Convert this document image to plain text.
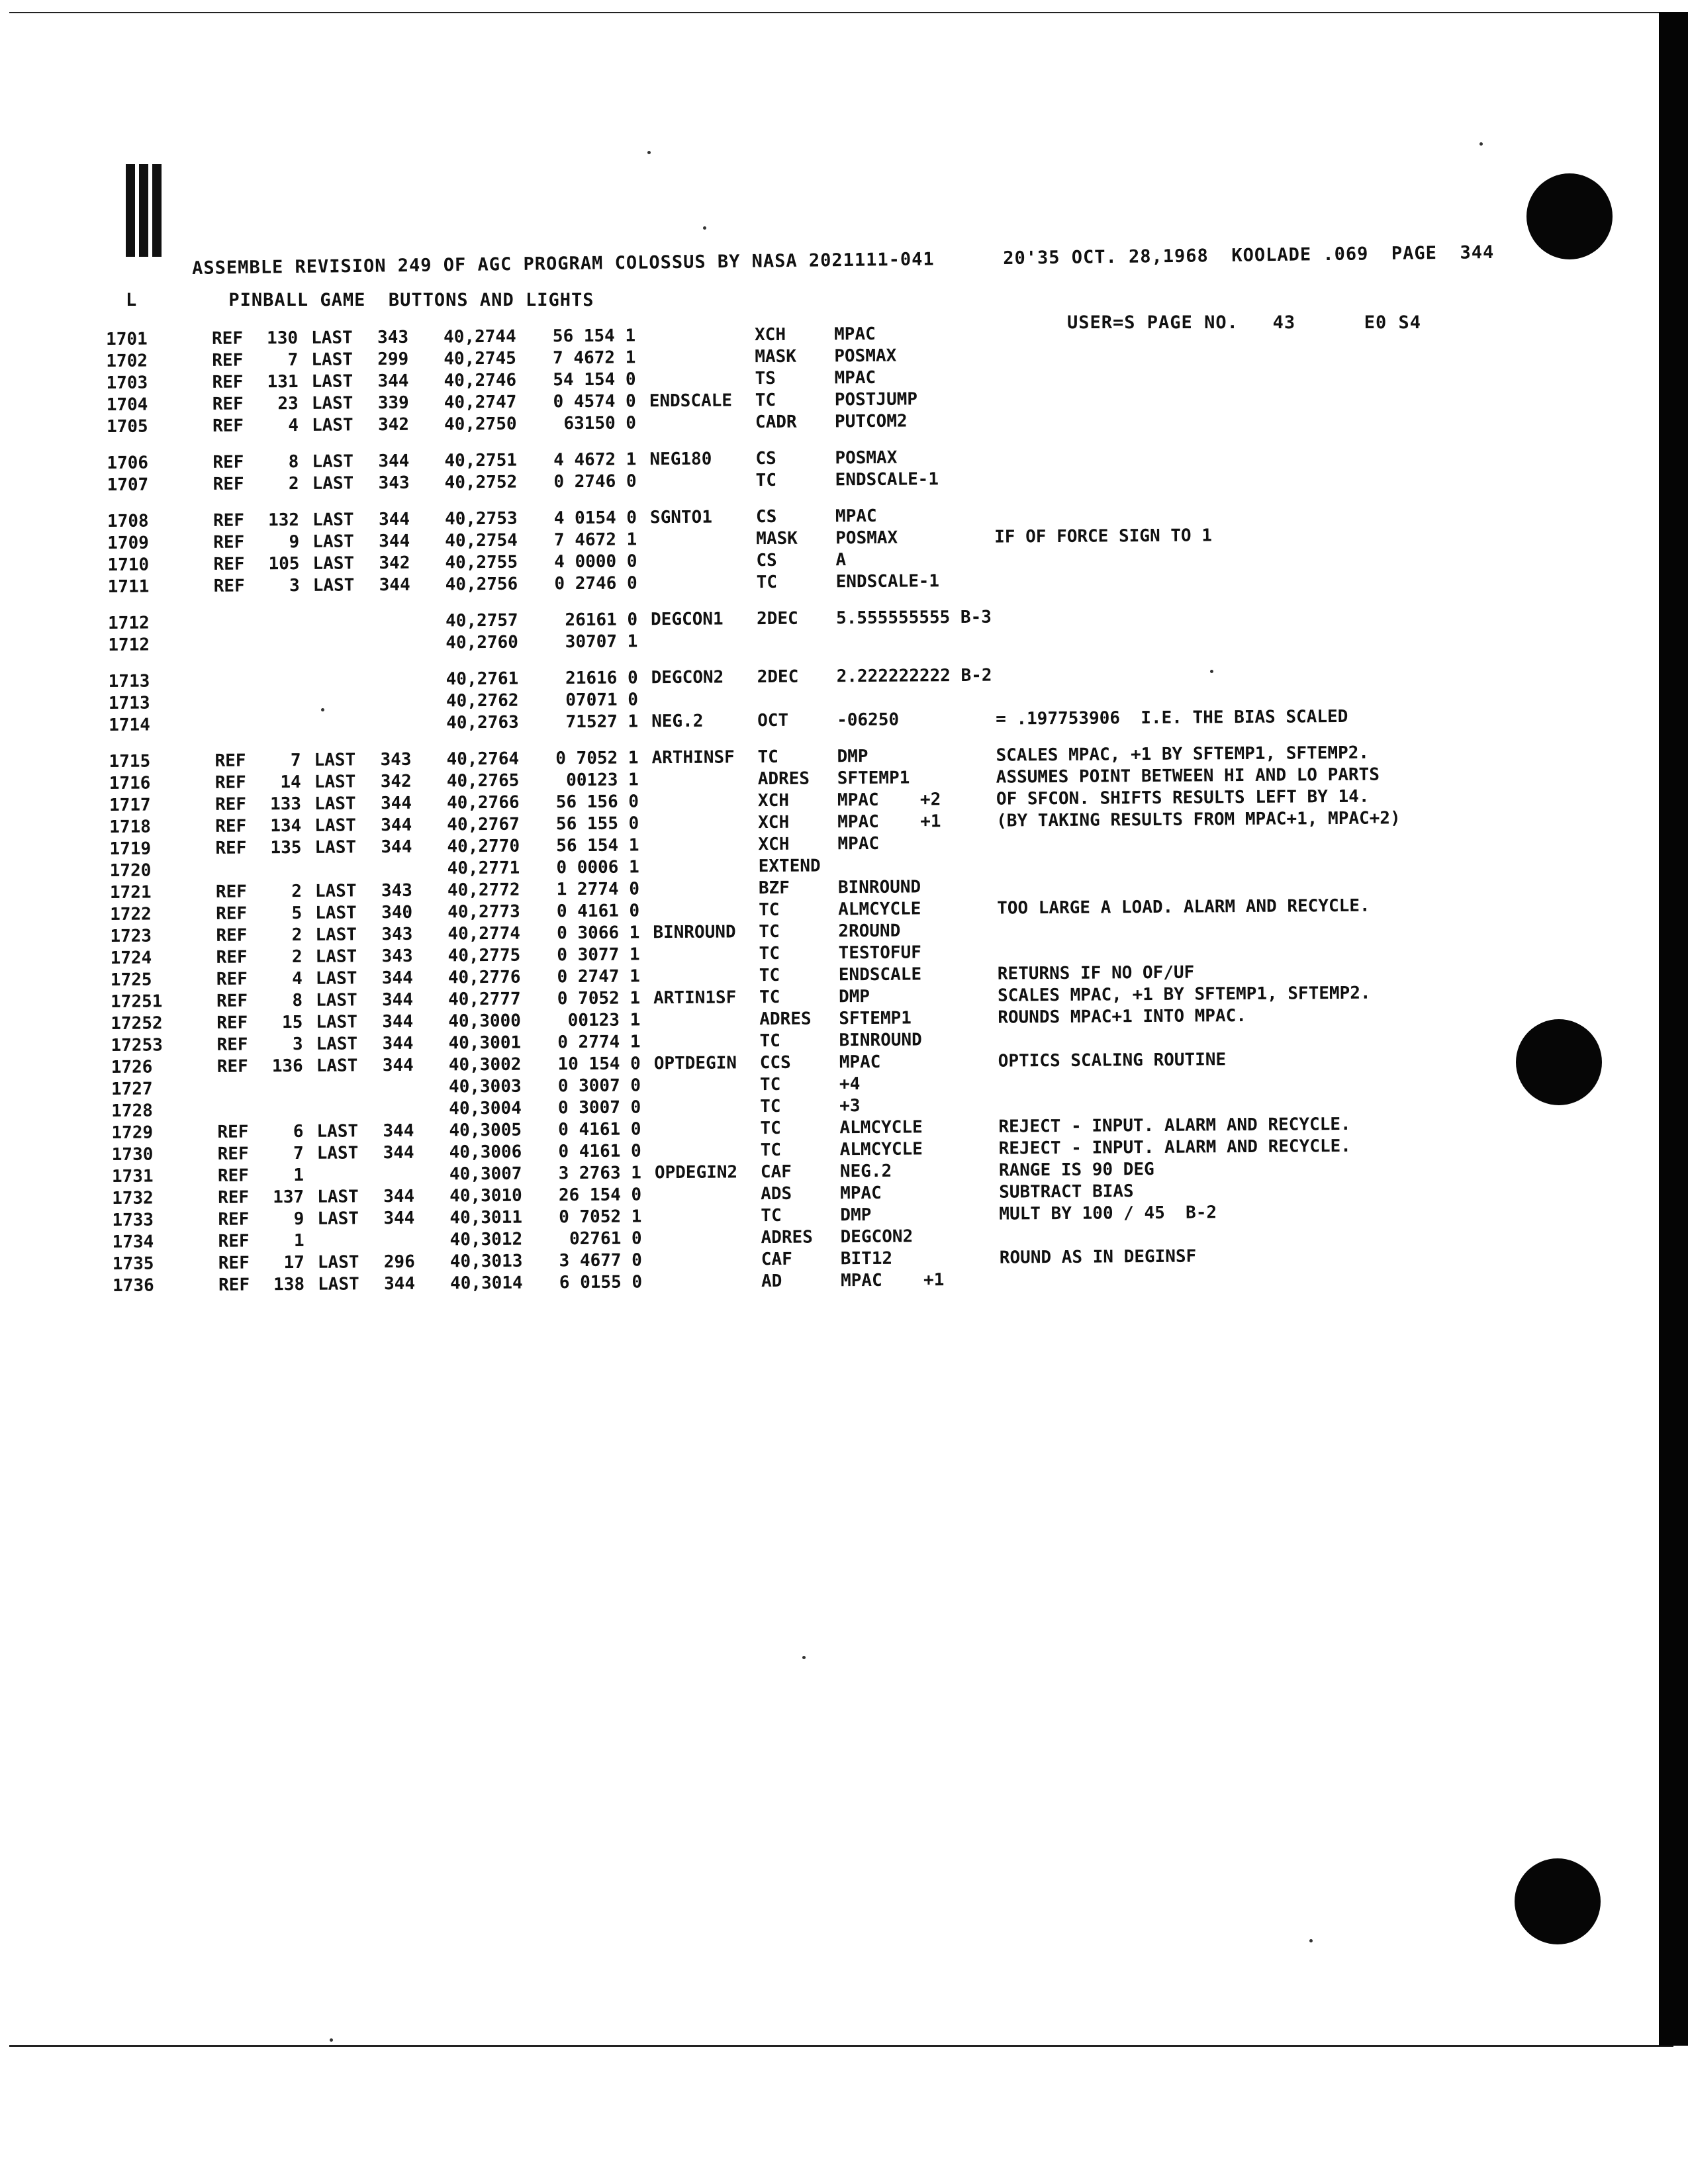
ASSEMBLE REVISION 249 OF AGC PROGRAM COLOSSUS BY NASA 2021111-041	20'35 OCT. 28,1968 KOOLADE .069 PAGE 344
L	PINBALL GAME  BUTTONS AND LIGHTS
USER=S PAGE NO. 43	E0 S4
1701	REF	130 LAST 343 40,2744	56 154 1	XCH	MPAC
1702	REF	7 LAST 299 40,2745	7 4672 1	MASK POSMAX
1703	REF	131 LAST 344 40,2746	54 154 0	TS	MPAC
1704	REF	23 LAST 339 40,2747	0 4574 0 ENDSCALE TC	POSTJUMP
1705	REF	4 LAST 342 40,2750	63150 0	CADR PUTCOM2
1706	REF	8 LAST 344 40,2751	4 4672 1 NEG180	CS	POSMAX
1707	REF	2 LAST 343 40,2752	0 2746 0	TC	ENDSCALE -1
1708	REF	132 LAST 344 40,2753	4 0154 0 SGNTO1	CS	MPAC
1709	REF	9 LAST 344 40,2754	7 4672 1	MASK POSMAX	IF OF FORCE SIGN TO 1
1710	REF	105 LAST 342 40,2755	4 0000 0	CS	A
1711	REF	3 LAST 344 40,2756	0 2746 0	TC	ENDSCALE -1
1712	40,2757	26161 0 DEGCON1 2DEC 5.555555555 B-3
1712	40,2760	30707 1
1713	40,2761	21616 0 DEGCON2 2DEC 2.222222222 B-2
1713	40,2762	07071 0
1714	40,2763	71527 1 NEG.2	OCT	-06250	= .197753906  I.E. THE BIAS SCALED
1715	REF	7 LAST 343 40,2764	0 7052 1 ARTHINSF TC	DMP	SCALES MPAC, +1 BY SFTEMP1, SFTEMP2.
1716	REF	14 LAST 342 40,2765	00123 1	ADRES SFTEMP1	ASSUMES POINT BETWEEN HI AND LO PARTS
1717	REF	133 LAST 344 40,2766	56 156 0	XCH	MPAC +2	OF SFCON. SHIFTS RESULTS LEFT BY 14.
1718	REF	134 LAST 344 40,2767	56 155 0	XCH	MPAC +1	(BY TAKING RESULTS FROM MPAC+1, MPAC+2)
1719	REF	135 LAST 344 40,2770	56 154 1	XCH	MPAC
1720	40,2771	0 0006 1	EXTEND
1721	REF	2 LAST 343 40,2772	1 2774 0	BZF	BINROUND
1722	REF	5 LAST 340 40,2773	0 4161 0	TC	ALMCYCLE	TOO LARGE A LOAD. ALARM AND RECYCLE.
1723	REF	2 LAST 343 40,2774	0 3066 1 BINROUND TC	2ROUND
1724	REF	2 LAST 343 40,2775	0 3077 1	TC	TESTOFUF
1725	REF	4 LAST 344 40,2776	0 2747 1	TC	ENDSCALE	RETURNS IF NO OF/UF
17251	REF	8 LAST 344 40,2777	0 7052 1 ARTIN1SF TC	DMP	SCALES MPAC, +1 BY SFTEMP1, SFTEMP2.
17252	REF	15 LAST 344 40,3000	00123 1	ADRES SFTEMP1	ROUNDS MPAC+1 INTO MPAC.
17253	REF	3 LAST 344 40,3001	0 2774 1	TC	BINROUND
1726	REF	136 LAST 344 40,3002	10 154 0 OPTDEGIN CCS	MPAC	OPTICS SCALING ROUTINE
1727	40,3003	0 3007 0	TC	+4
1728	40,3004	0 3007 0	TC	+3
1729	REF	6 LAST 344 40,3005	0 4161 0	TC	ALMCYCLE	REJECT - INPUT. ALARM AND RECYCLE.
1730	REF	7 LAST 344 40,3006	0 4161 0	TC	ALMCYCLE	REJECT - INPUT. ALARM AND RECYCLE.
1731	REF	1	40,3007	3 2763 1 OPDEGIN2 CAF	NEG.2	RANGE IS 90 DEG
1732	REF	137 LAST 344 40,3010	26 154 0	ADS	MPAC	SUBTRACT BIAS
1733	REF	9 LAST 344 40,3011	0 7052 1	TC	DMP	MULT BY 100 / 45  B-2
1734	REF	1	40,3012	02761 0	ADRES DEGCON2
1735	REF	17 LAST 296 40,3013	3 4677 0	CAF	BIT12	ROUND AS IN DEGINSF
1736	REF	138 LAST 344 40,3014	6 0155 0	AD	MPAC +1
